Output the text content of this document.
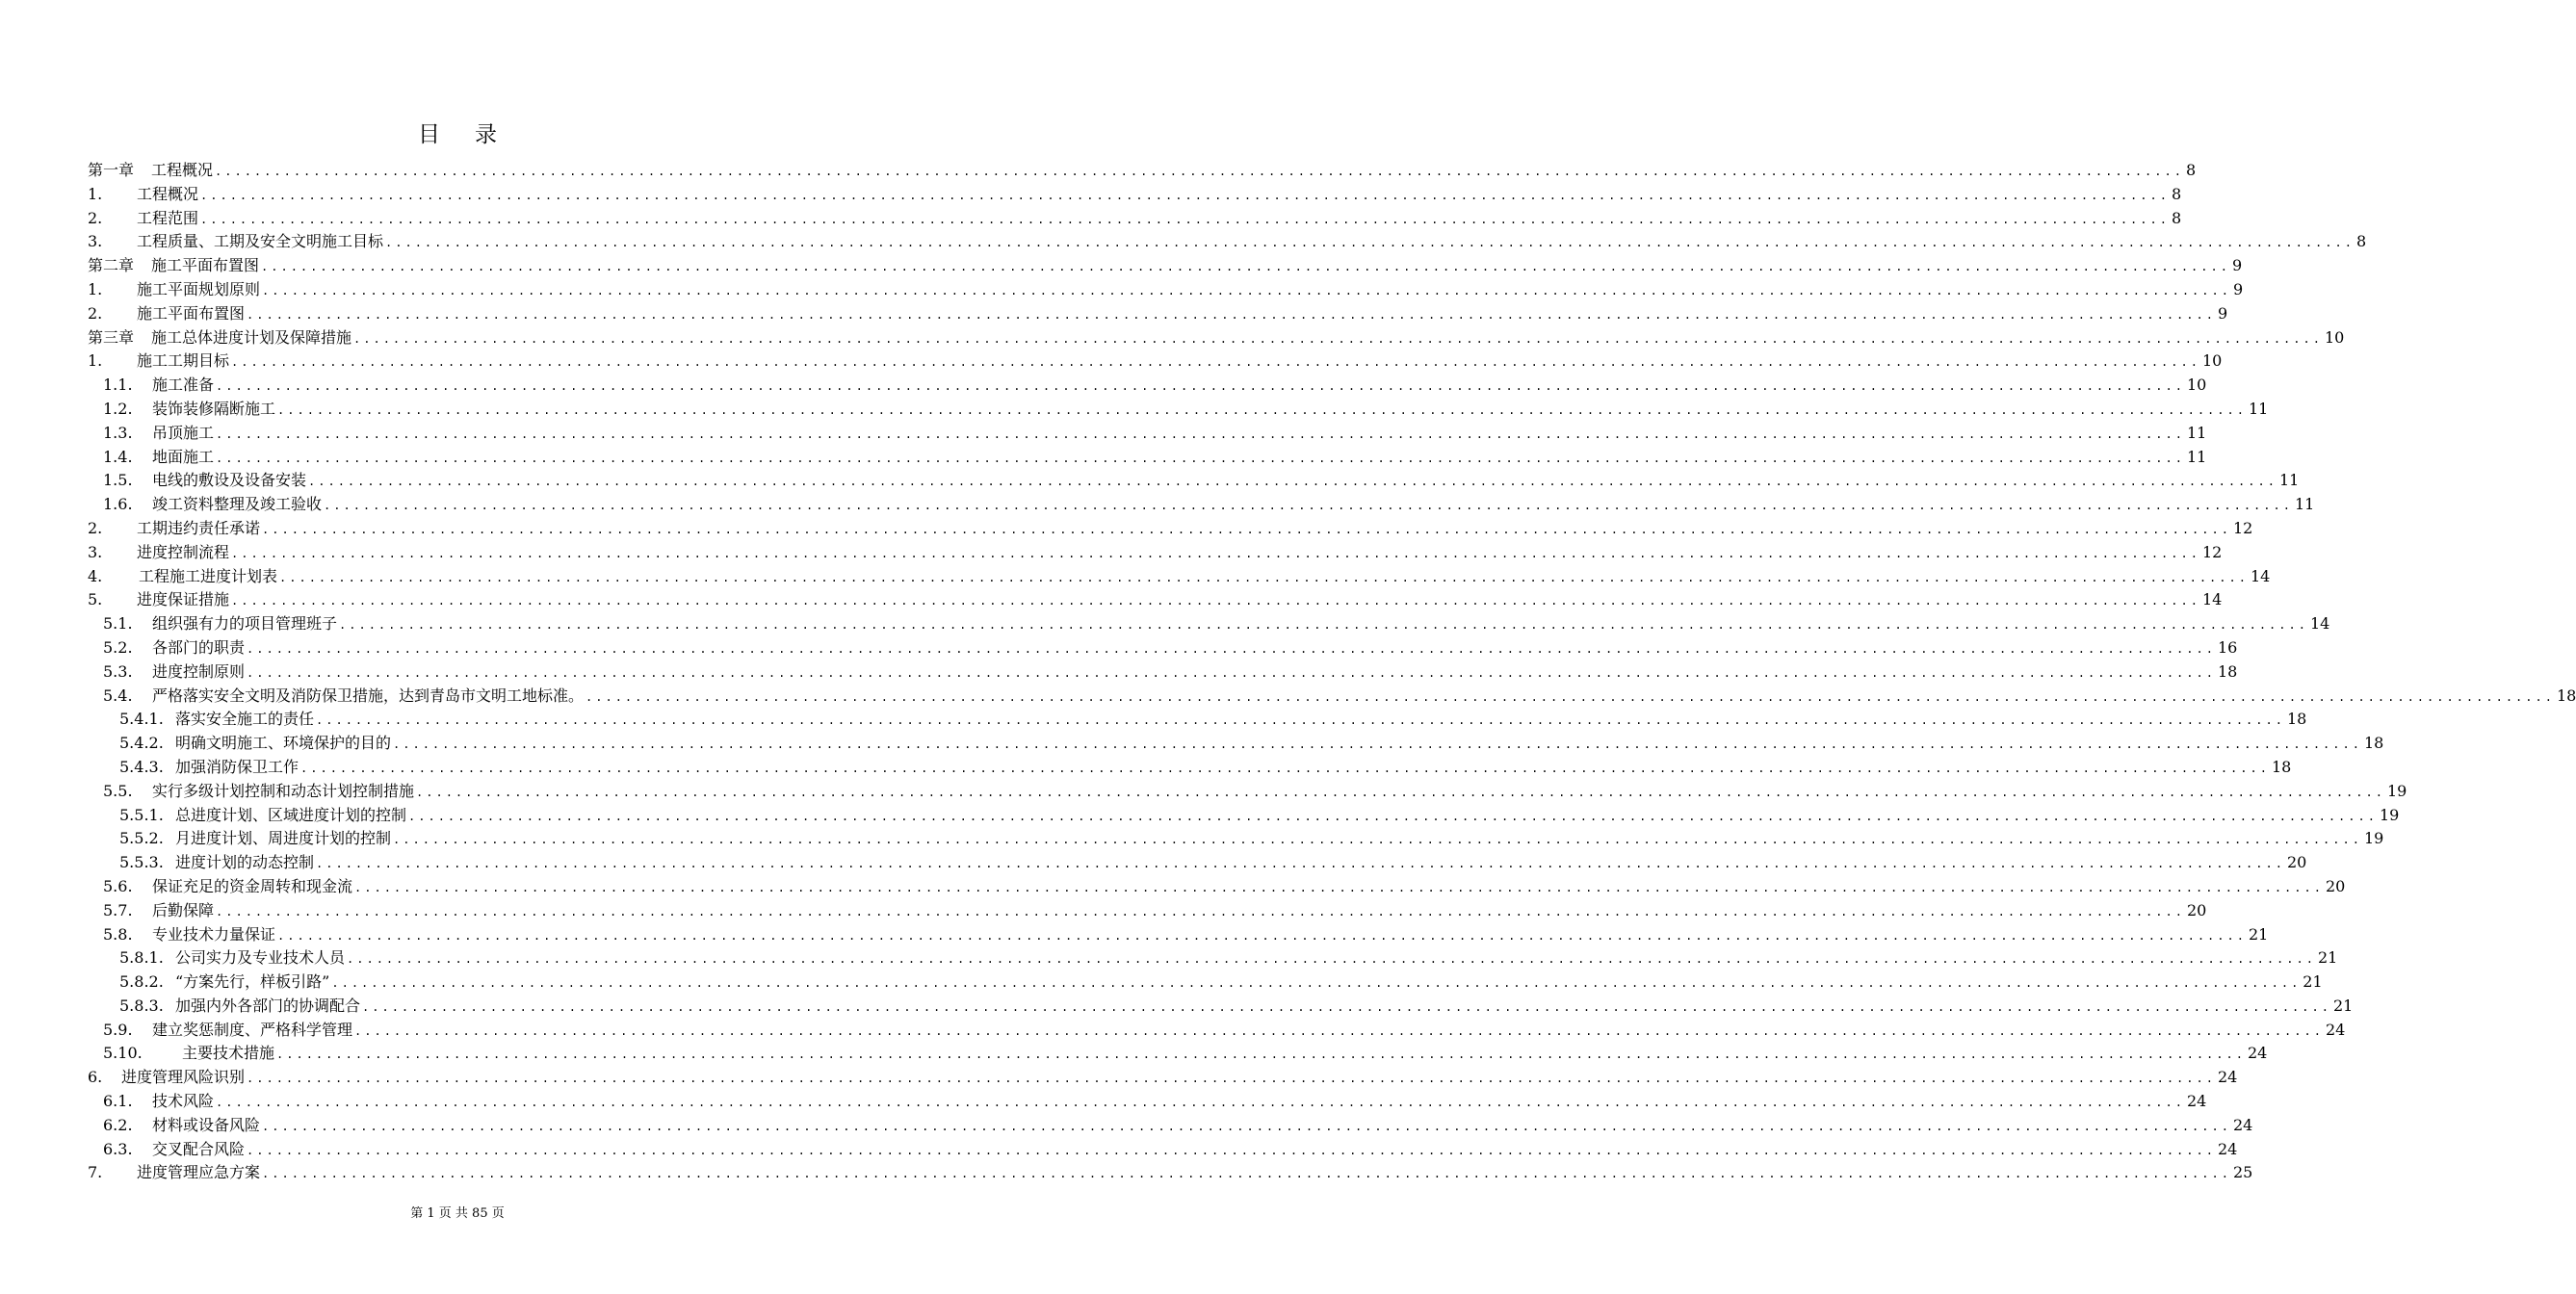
目 录
第一章	工程概况 ........................................................................................................................................................................................................ 8
1.	工程概况 ........................................................................................................................................................................................................ 8
2.	工程范围 ........................................................................................................................................................................................................ 8
3.	工程质量、工期及安全文明施工目标 ........................................................................................................................................................................................................ 8
第二章	施工平面布置图 ........................................................................................................................................................................................................ 9
1.	施工平面规划原则 ........................................................................................................................................................................................................ 9
2.	施工平面布置图 ........................................................................................................................................................................................................ 9
第三章	施工总体进度计划及保障措施 ........................................................................................................................................................................................................ 10
1.	施工工期目标 ........................................................................................................................................................................................................ 10
1.1.	施工准备 ........................................................................................................................................................................................................ 10
1.2.	装饰装修隔断施工 ........................................................................................................................................................................................................ 11
1.3.	吊顶施工 ........................................................................................................................................................................................................ 11
1.4.	地面施工 ........................................................................................................................................................................................................ 11
1.5.	电线的敷设及设备安装 ........................................................................................................................................................................................................ 11
1.6.	竣工资料整理及竣工验收 ........................................................................................................................................................................................................ 11
2.	工期违约责任承诺 ........................................................................................................................................................................................................ 12
3.	进度控制流程 ........................................................................................................................................................................................................ 12
4.	工程施工进度计划表 ........................................................................................................................................................................................................ 14
5.	进度保证措施 ........................................................................................................................................................................................................ 14
5.1.	组织强有力的项目管理班子 ........................................................................................................................................................................................................ 14
5.2.	各部门的职责 ........................................................................................................................................................................................................ 16
5.3.	进度控制原则 ........................................................................................................................................................................................................ 18
5.4.	严格落实安全文明及消防保卫措施，达到青岛市文明工地标准。 ........................................................................................................................................................................................................ 18
5.4.1. 落实安全施工的责任 ........................................................................................................................................................................................................ 18
5.4.2. 明确文明施工、环境保护的目的 ........................................................................................................................................................................................................ 18
5.4.3. 加强消防保卫工作 ........................................................................................................................................................................................................ 18
5.5.	实行多级计划控制和动态计划控制措施 ........................................................................................................................................................................................................ 19
5.5.1. 总进度计划、区域进度计划的控制 ........................................................................................................................................................................................................ 19
5.5.2. 月进度计划、周进度计划的控制 ........................................................................................................................................................................................................ 19
5.5.3. 进度计划的动态控制 ........................................................................................................................................................................................................ 20
5.6.	保证充足的资金周转和现金流 ........................................................................................................................................................................................................ 20
5.7.	后勤保障 ........................................................................................................................................................................................................ 20
5.8.	专业技术力量保证 ........................................................................................................................................................................................................ 21
5.8.1. 公司实力及专业技术人员 ........................................................................................................................................................................................................ 21
5.8.2. “方案先行，样板引路” ........................................................................................................................................................................................................ 21
5.8.3. 加强内外各部门的协调配合 ........................................................................................................................................................................................................ 21
5.9.	建立奖惩制度、严格科学管理 ........................................................................................................................................................................................................ 24
5.10.	主要技术措施 ........................................................................................................................................................................................................ 24
6.	进度管理风险识别 ........................................................................................................................................................................................................ 24
6.1.	技术风险 ........................................................................................................................................................................................................ 24
6.2.	材料或设备风险 ........................................................................................................................................................................................................ 24
6.3.	交叉配合风险 ........................................................................................................................................................................................................ 24
7.	进度管理应急方案 ........................................................................................................................................................................................................ 25
第 1 页 共 85 页
